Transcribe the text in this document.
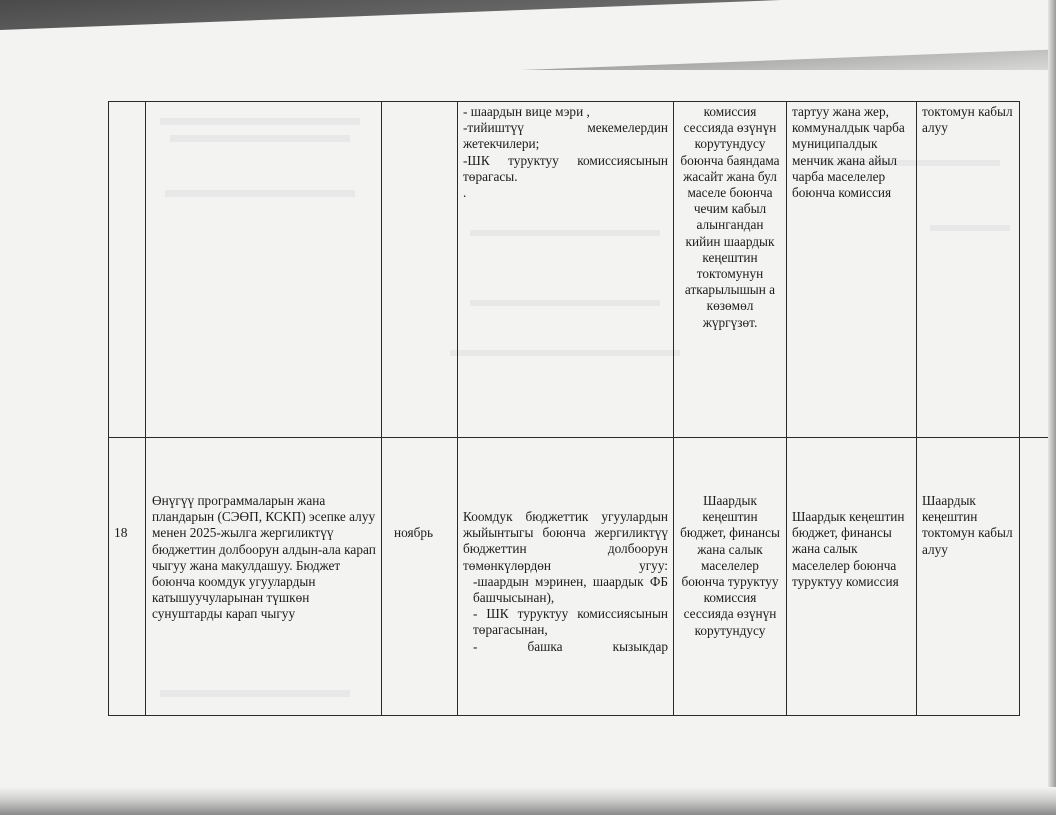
- шаардын вице мэри ,

-тийиштүү мекемелердин жетекчилери;

-ШК туруктуу комиссиясынын төрагасы.

.

комиссия сессияда өзүнүн корутундусу боюнча баяндама жасайт жана бул маселе боюнча чечим кабыл алынгандан кийин шаардык кеңештин токтомунун аткарылышын а көзөмөл жүргүзөт.
тартуу жана жер, коммуналдык чарба муниципалдык менчик жана айыл чарба маселелер боюнча комиссия
токтомун кабыл алуу
18
Өнүгүү программаларын жана пландарын (СЭӨП, КСКП) эсепке алуу менен 2025-жылга жергиликтүү бюджеттин долбоорун алдын-ала карап чыгуу жана макулдашуу. Бюджет боюнча коомдук угуулардын катышуучуларынан түшкөн сунуштарды карап чыгуу
ноябрь

Коомдук бюджеттик угуулардын жыйынтыгы боюнча жергиликтүү бюджеттин долбоорун төмөнкүлөрдөн угуу:

-шаардын мэринен, шаардык ФБ башчысынан),

- ШК туруктуу комиссиясынын төрагасынан,

- башка кызыкдар

Шаардык кеңештин бюджет, финансы жана салык маселелер боюнча туруктуу комиссия сессияда өзүнүн корутундусу
Шаардык кеңештин бюджет, финансы жана салык маселелер боюнча туруктуу комиссия
Шаардык кеңештин токтомун кабыл алуу
